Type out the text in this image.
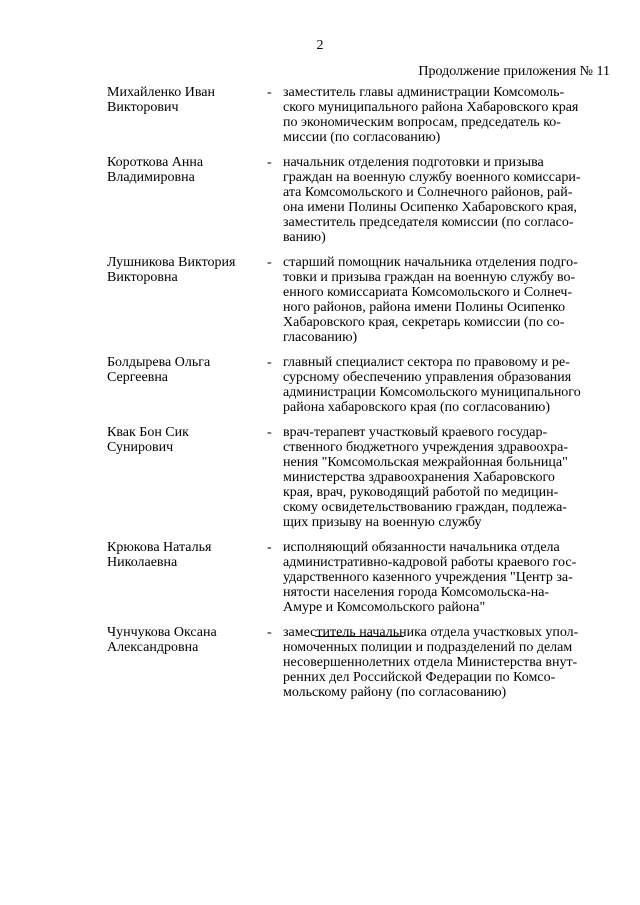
2
Продолжение приложения № 11
Михайленко Иван
Викторович
- заместитель главы администрации Комсомоль-
ского муниципального района Хабаровского края
по экономическим вопросам, председатель ко-
миссии (по согласованию)
Короткова Анна
Владимировна
- начальник отделения подготовки и призыва
граждан на военную службу военного комиссари-
ата Комсомольского и Солнечного районов, рай-
она имени Полины Осипенко Хабаровского края,
заместитель председателя комиссии (по согласо-
ванию)
Лушникова Виктория
Викторовна
- старший помощник начальника отделения подго-
товки и призыва граждан на военную службу во-
енного комиссариата Комсомольского и Солнеч-
ного районов, района имени Полины Осипенко
Хабаровского края, секретарь комиссии (по со-
гласованию)
Болдырева Ольга
Сергеевна
- главный специалист сектора по правовому и ре-
сурсному обеспечению управления образования
администрации Комсомольского муниципального
района хабаровского края (по согласованию)
Квак Бон Сик
Сунирович
- врач-терапевт участковый краевого государ-
ственного бюджетного учреждения здравоохра-
нения "Комсомольская межрайонная больница"
министерства здравоохранения Хабаровского
края, врач, руководящий работой по медицин-
скому освидетельствованию граждан, подлежа-
щих призыву на военную службу
Крюкова Наталья
Николаевна
- исполняющий обязанности начальника отдела
административно-кадровой работы краевого гос-
ударственного казенного учреждения "Центр за-
нятости населения города Комсомольска-на-
Амуре и Комсомольского района"
Чунчукова Оксана
Александровна
- заместитель начальника отдела участковых упол-
номоченных полиции и подразделений по делам
несовершеннолетних отдела Министерства внут-
ренних дел Российской Федерации по Комсо-
мольскому району (по согласованию)
